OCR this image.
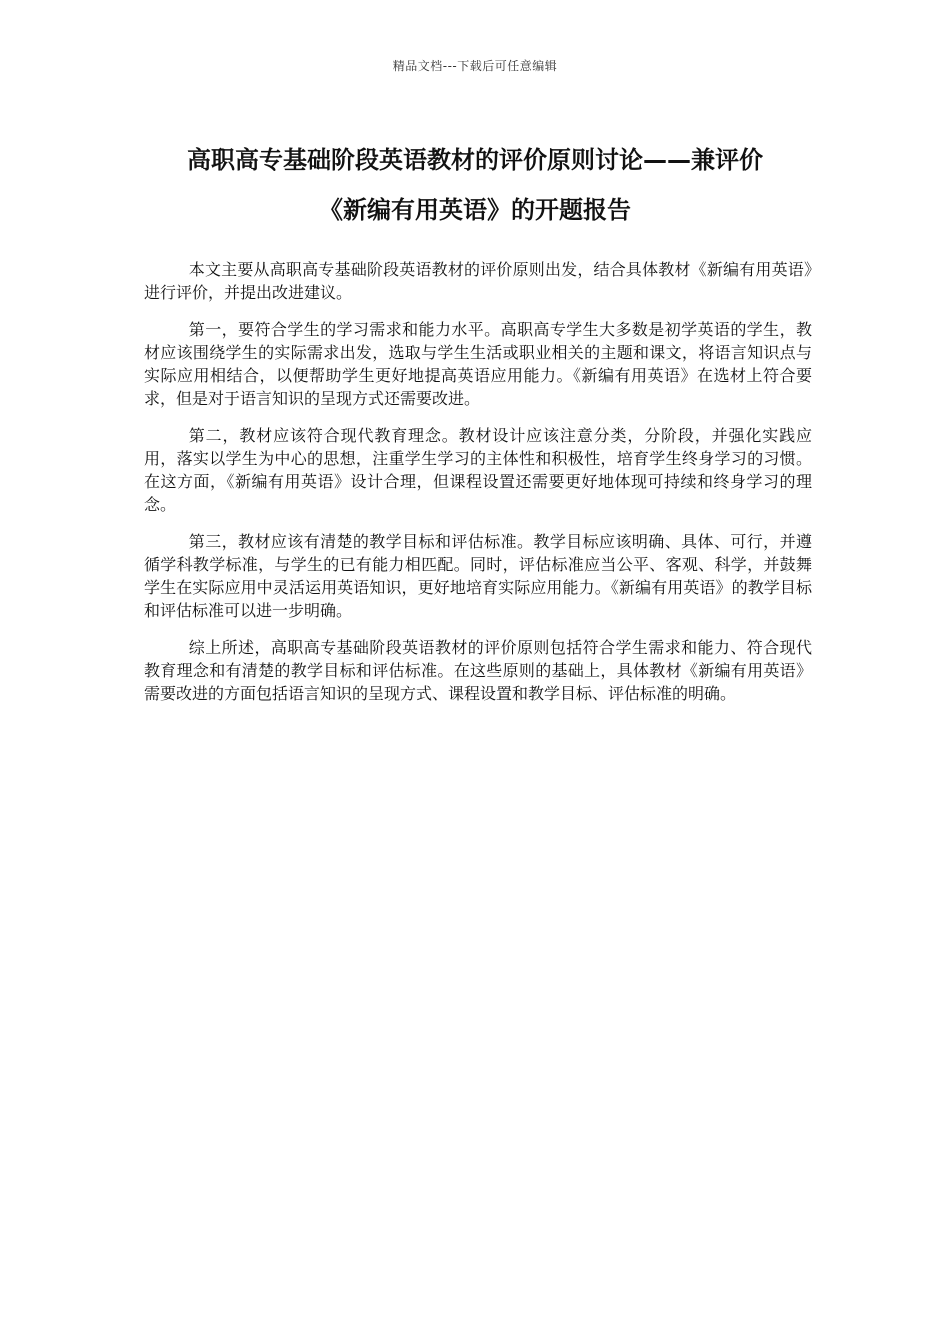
精品文档---下载后可任意编辑
高职高专基础阶段英语教材的评价原则讨论——兼评价
《新编有用英语》的开题报告

本文主要从高职高专基础阶段英语教材的评价原则出发，结合具体教材《新编有用英语》进行评价，并提出改进建议。

第一，要符合学生的学习需求和能力水平。高职高专学生大多数是初学英语的学生，教材应该围绕学生的实际需求出发，选取与学生生活或职业相关的主题和课文，将语言知识点与实际应用相结合，以便帮助学生更好地提高英语应用能力。《新编有用英语》在选材上符合要求，但是对于语言知识的呈现方式还需要改进。

第二，教材应该符合现代教育理念。教材设计应该注意分类，分阶段，并强化实践应用，落实以学生为中心的思想，注重学生学习的主体性和积极性，培育学生终身学习的习惯。在这方面，《新编有用英语》设计合理，但课程设置还需要更好地体现可持续和终身学习的理念。

第三，教材应该有清楚的教学目标和评估标准。教学目标应该明确、具体、可行，并遵循学科教学标准，与学生的已有能力相匹配。同时，评估标准应当公平、客观、科学，并鼓舞学生在实际应用中灵活运用英语知识，更好地培育实际应用能力。《新编有用英语》的教学目标和评估标准可以进一步明确。

综上所述，高职高专基础阶段英语教材的评价原则包括符合学生需求和能力、符合现代教育理念和有清楚的教学目标和评估标准。在这些原则的基础上，具体教材《新编有用英语》需要改进的方面包括语言知识的呈现方式、课程设置和教学目标、评估标准的明确。
